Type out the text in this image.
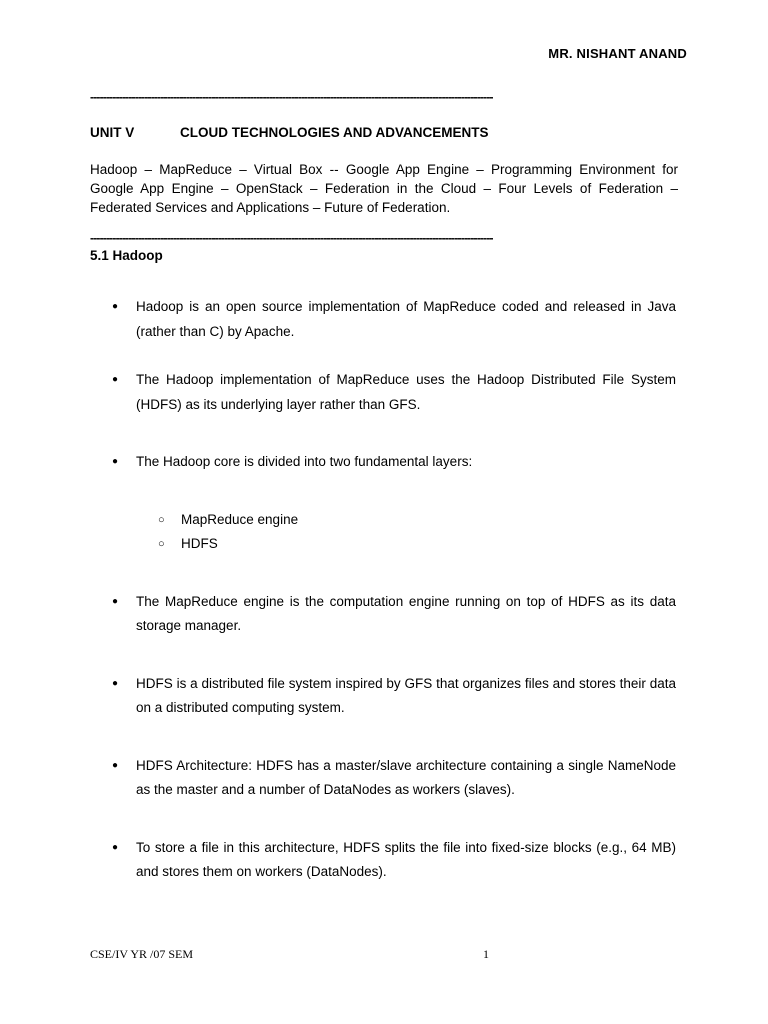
MR. NISHANT ANAND
------------------------------------------------------------------------------------------------------------------------------
UNIT V	CLOUD TECHNOLOGIES AND ADVANCEMENTS
Hadoop – MapReduce – Virtual Box -- Google App Engine – Programming Environment for Google App Engine – OpenStack – Federation in the Cloud – Four Levels of Federation – Federated Services and Applications – Future of Federation.
------------------------------------------------------------------------------------------------------------------------------
5.1 Hadoop
● Hadoop is an open source implementation of MapReduce coded and released in Java (rather than C) by Apache.
● The Hadoop implementation of MapReduce uses the Hadoop Distributed File System (HDFS) as its underlying layer rather than GFS.
● The Hadoop core is divided into two fundamental layers:
○ MapReduce engine
○ HDFS
● The MapReduce engine is the computation engine running on top of HDFS as its data storage manager.
● HDFS is a distributed file system inspired by GFS that organizes files and stores their data on a distributed computing system.
● HDFS Architecture: HDFS has a master/slave architecture containing a single NameNode as the master and a number of DataNodes as workers (slaves).
● To store a file in this architecture, HDFS splits the file into fixed-size blocks (e.g., 64 MB) and stores them on workers (DataNodes).
CSE/IV YR /07 SEM	1
